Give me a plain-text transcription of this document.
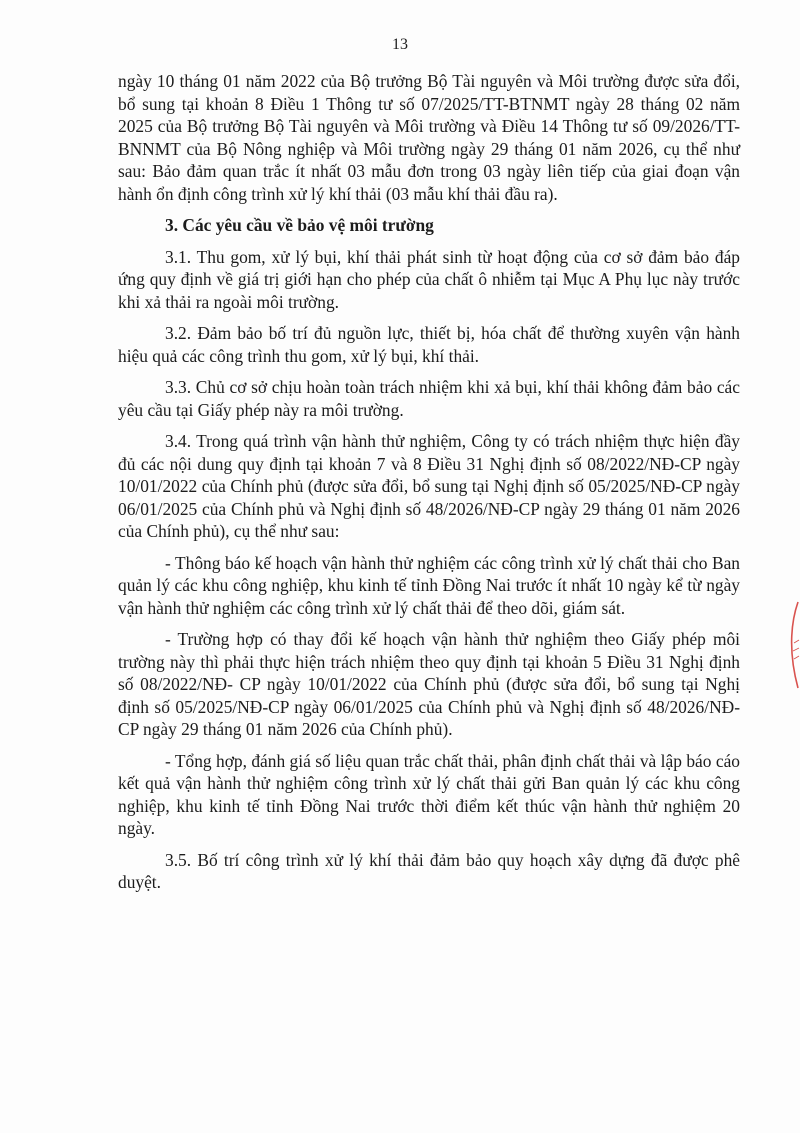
13

ngày 10 tháng 01 năm 2022 của Bộ trưởng Bộ Tài nguyên và Môi trường được sửa đổi, bổ sung tại khoản 8 Điều 1 Thông tư số 07/2025/TT-BTNMT ngày 28 tháng 02 năm 2025 của Bộ trưởng Bộ Tài nguyên và Môi trường và Điều 14 Thông tư số 09/2026/TT-BNNMT của Bộ Nông nghiệp và Môi trường ngày 29 tháng 01 năm 2026, cụ thể như sau: Bảo đảm quan trắc ít nhất 03 mẫu đơn trong 03 ngày liên tiếp của giai đoạn vận hành ổn định công trình xử lý khí thải (03 mẫu khí thải đầu ra).

3. Các yêu cầu về bảo vệ môi trường

3.1. Thu gom, xử lý bụi, khí thải phát sinh từ hoạt động của cơ sở đảm bảo đáp ứng quy định về giá trị giới hạn cho phép của chất ô nhiễm tại Mục A Phụ lục này trước khi xả thải ra ngoài môi trường.

3.2. Đảm bảo bố trí đủ nguồn lực, thiết bị, hóa chất để thường xuyên vận hành hiệu quả các công trình thu gom, xử lý bụi, khí thải.

3.3. Chủ cơ sở chịu hoàn toàn trách nhiệm khi xả bụi, khí thải không đảm bảo các yêu cầu tại Giấy phép này ra môi trường.

3.4. Trong quá trình vận hành thử nghiệm, Công ty có trách nhiệm thực hiện đầy đủ các nội dung quy định tại khoản 7 và 8 Điều 31 Nghị định số 08/2022/NĐ-CP ngày 10/01/2022 của Chính phủ (được sửa đổi, bổ sung tại Nghị định số 05/2025/NĐ-CP ngày 06/01/2025 của Chính phủ và Nghị định số 48/2026/NĐ-CP ngày 29 tháng 01 năm 2026 của Chính phủ), cụ thể như sau:

- Thông báo kế hoạch vận hành thử nghiệm các công trình xử lý chất thải cho Ban quản lý các khu công nghiệp, khu kinh tế tỉnh Đồng Nai trước ít nhất 10 ngày kể từ ngày vận hành thử nghiệm các công trình xử lý chất thải để theo dõi, giám sát.

- Trường hợp có thay đổi kế hoạch vận hành thử nghiệm theo Giấy phép môi trường này thì phải thực hiện trách nhiệm theo quy định tại khoản 5 Điều 31 Nghị định số 08/2022/NĐ- CP ngày 10/01/2022 của Chính phủ (được sửa đổi, bổ sung tại Nghị định số 05/2025/NĐ-CP ngày 06/01/2025 của Chính phủ và Nghị định số 48/2026/NĐ-CP ngày 29 tháng 01 năm 2026 của Chính phủ).

- Tổng hợp, đánh giá số liệu quan trắc chất thải, phân định chất thải và lập báo cáo kết quả vận hành thử nghiệm công trình xử lý chất thải gửi Ban quản lý các khu công nghiệp, khu kinh tế tỉnh Đồng Nai trước thời điểm kết thúc vận hành thử nghiệm 20 ngày.

3.5. Bố trí công trình xử lý khí thải đảm bảo quy hoạch xây dựng đã được phê duyệt.
